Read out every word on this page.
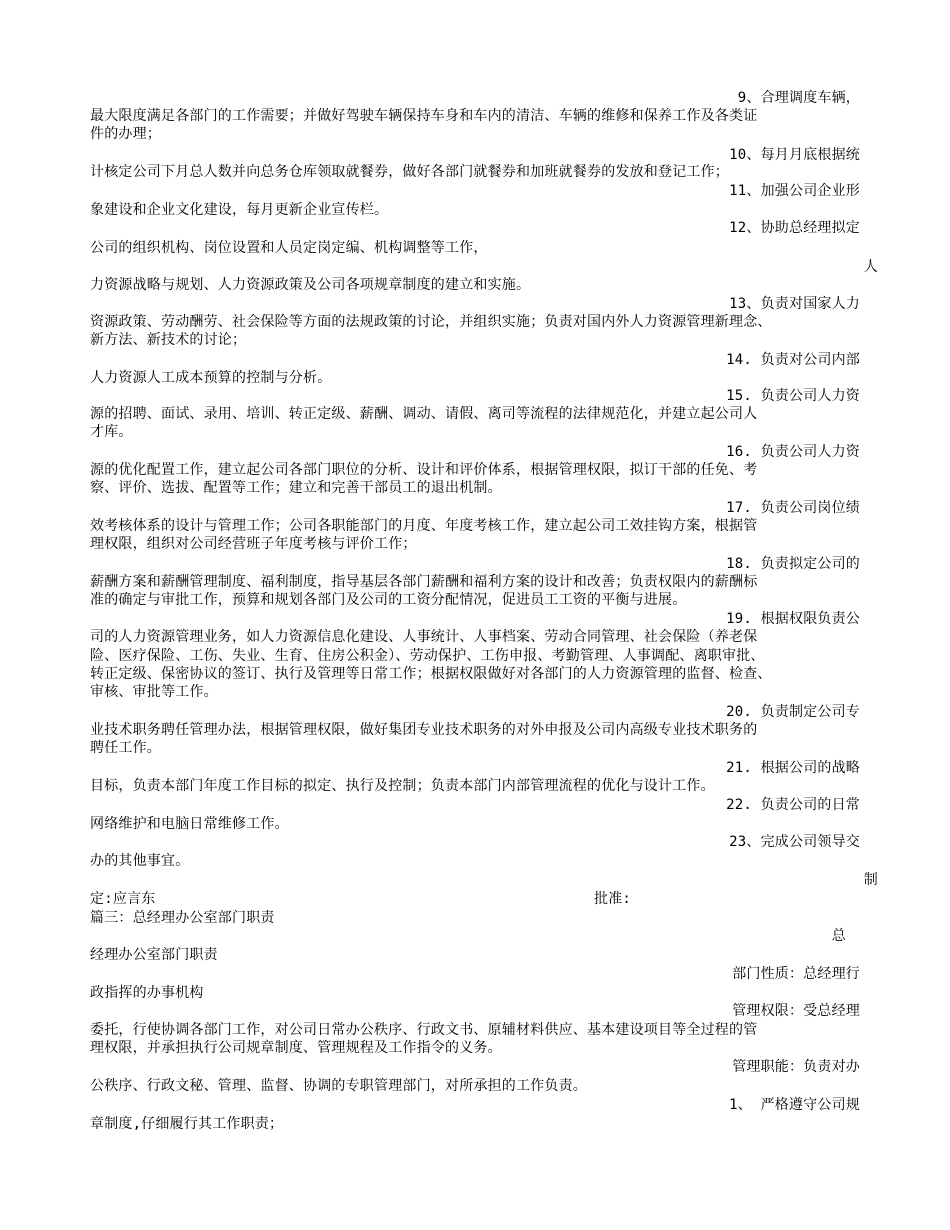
9、合理调度车辆，
最大限度满足各部门的工作需要；并做好驾驶车辆保持车身和车内的清洁、车辆的维修和保养工作及各类证
件的办理；
10、每月月底根据统
计核定公司下月总人数并向总务仓库领取就餐券，做好各部门就餐券和加班就餐券的发放和登记工作；
11、加强公司企业形
象建设和企业文化建设，每月更新企业宣传栏。
12、协助总经理拟定
公司的组织机构、岗位设置和人员定岗定编、机构调整等工作，
人
力资源战略与规划、人力资源政策及公司各项规章制度的建立和实施。
13、负责对国家人力
资源政策、劳动酬劳、社会保险等方面的法规政策的讨论，并组织实施；负责对国内外人力资源管理新理念、
新方法、新技术的讨论；
14. 负责对公司内部
人力资源人工成本预算的控制与分析。
15. 负责公司人力资
源的招聘、面试、录用、培训、转正定级、薪酬、调动、请假、离司等流程的法律规范化，并建立起公司人
才库。
16. 负责公司人力资
源的优化配置工作，建立起公司各部门职位的分析、设计和评价体系，根据管理权限，拟订干部的任免、考
察、评价、选拔、配置等工作；建立和完善干部员工的退出机制。
17. 负责公司岗位绩
效考核体系的设计与管理工作；公司各职能部门的月度、年度考核工作，建立起公司工效挂钩方案，根据管
理权限，组织对公司经营班子年度考核与评价工作；
18. 负责拟定公司的
薪酬方案和薪酬管理制度、福利制度，指导基层各部门薪酬和福利方案的设计和改善；负责权限内的薪酬标
准的确定与审批工作，预算和规划各部门及公司的工资分配情况，促进员工工资的平衡与进展。
19. 根据权限负责公
司的人力资源管理业务，如人力资源信息化建设、人事统计、人事档案、劳动合同管理、社会保险（养老保
险、医疗保险、工伤、失业、生育、住房公积金）、劳动保护、工伤申报、考勤管理、人事调配、离职审批、
转正定级、保密协议的签订、执行及管理等日常工作；根据权限做好对各部门的人力资源管理的监督、检查、
审核、审批等工作。
20. 负责制定公司专
业技术职务聘任管理办法，根据管理权限，做好集团专业技术职务的对外申报及公司内高级专业技术职务的
聘任工作。
21. 根据公司的战略
目标，负责本部门年度工作目标的拟定、执行及控制；负责本部门内部管理流程的优化与设计工作。
22. 负责公司的日常
网络维护和电脑日常维修工作。
23、完成公司领导交
办的其他事宜。
制
定:应言东	批准:
篇三：总经理办公室部门职责
总
经理办公室部门职责
部门性质：总经理行
政指挥的办事机构
管理权限：受总经理
委托，行使协调各部门工作，对公司日常办公秩序、行政文书、原辅材料供应、基本建设项目等全过程的管
理权限，并承担执行公司规章制度、管理规程及工作指令的义务。
管理职能：负责对办
公秩序、行政文秘、管理、监督、协调的专职管理部门，对所承担的工作负责。
1、 严格遵守公司规
章制度,仔细履行其工作职责；
